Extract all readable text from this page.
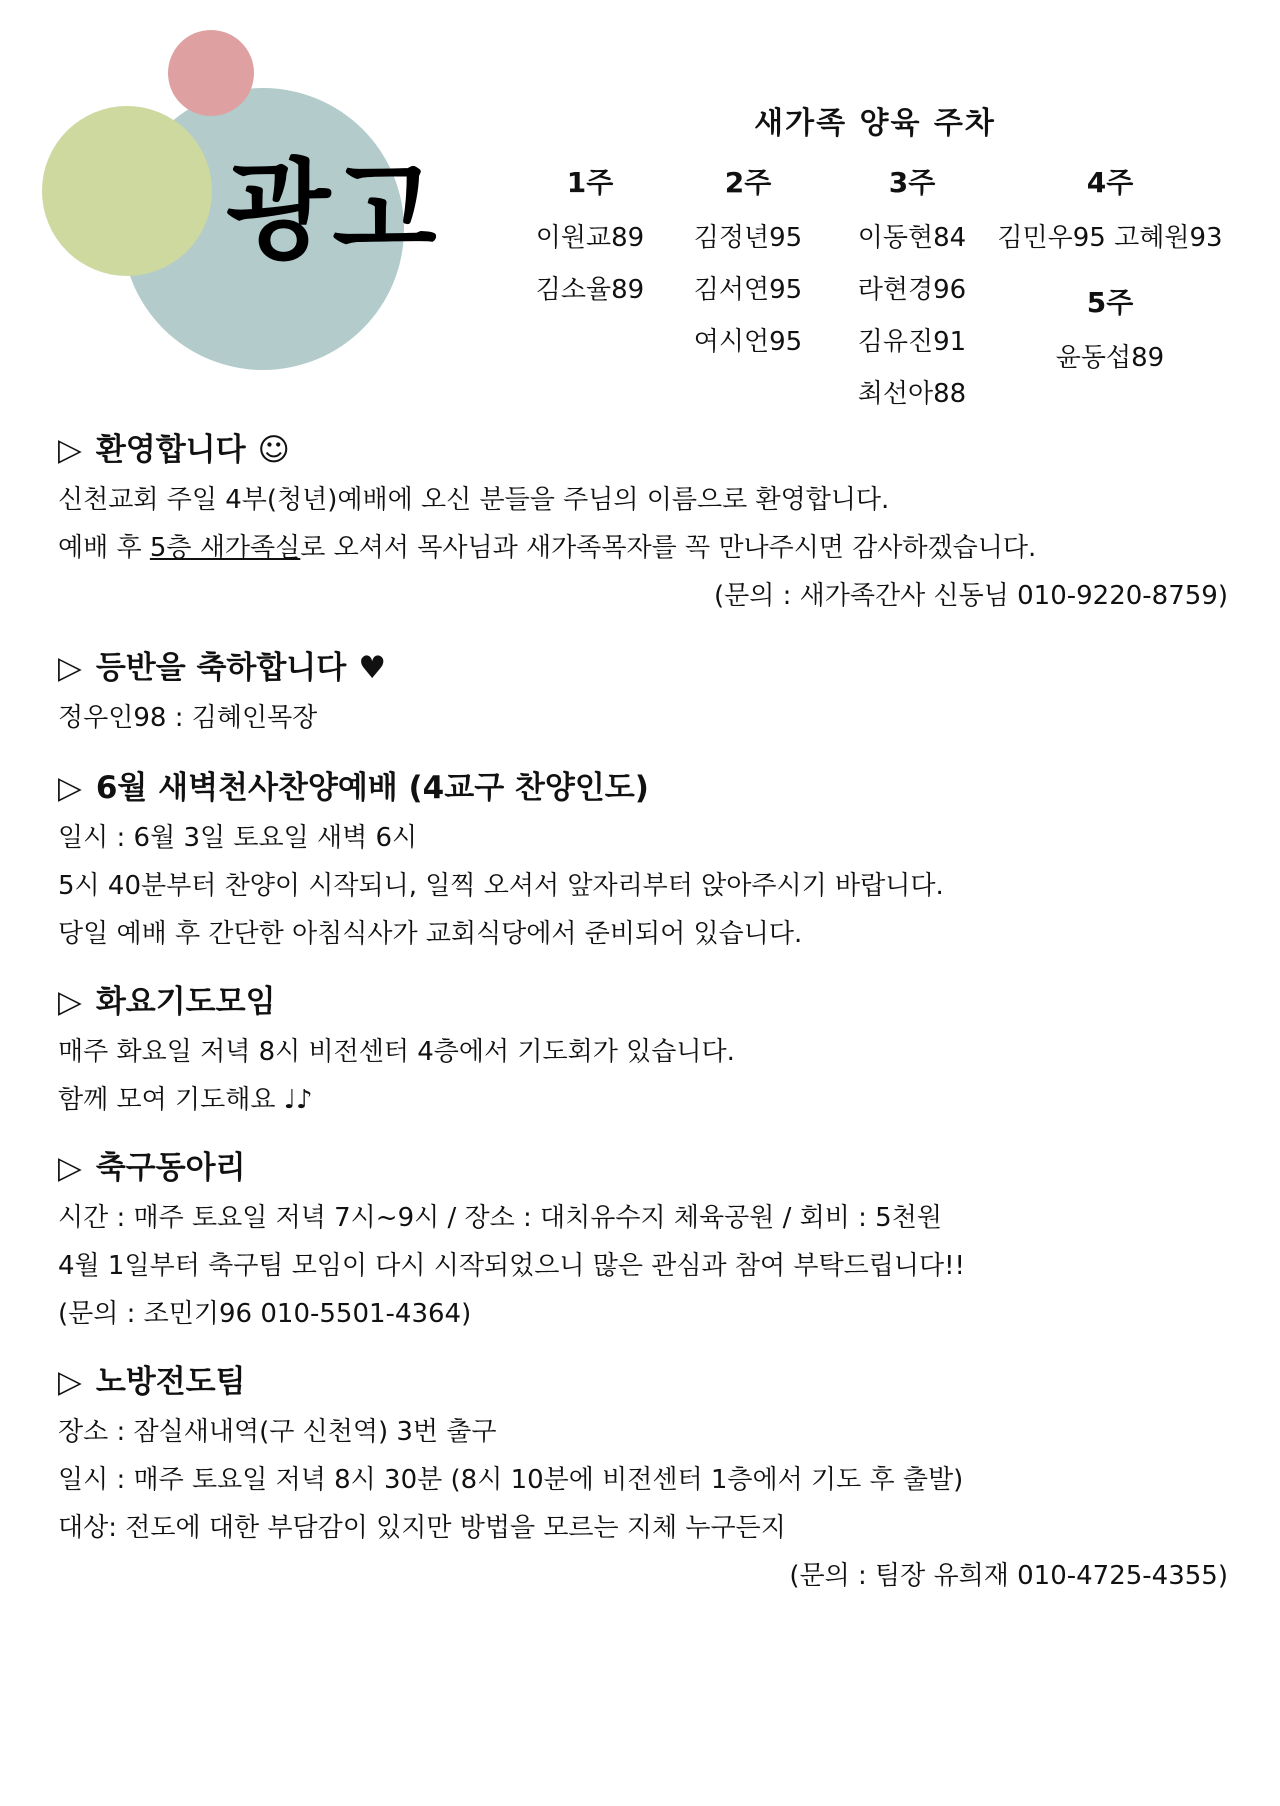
광고
새가족 양육 주차
1주
이원교89
김소율89
2주
김정년95
김서연95
여시언95
3주
이동현84
라현경96
김유진91
최선아88
4주
김민우95 고혜원93
5주
윤동섭89
▷ 환영합니다 ☺
신천교회 주일 4부(청년)예배에 오신 분들을 주님의 이름으로 환영합니다.
예배 후 5층 새가족실로 오셔서 목사님과 새가족목자를 꼭 만나주시면 감사하겠습니다.
(문의 : 새가족간사 신동님 010-9220-8759)
▷ 등반을 축하합니다 ♥
정우인98 : 김혜인목장
▷ 6월 새벽천사찬양예배 (4교구 찬양인도)
일시 : 6월 3일 토요일 새벽 6시
5시 40분부터 찬양이 시작되니, 일찍 오셔서 앞자리부터 앉아주시기 바랍니다.
당일 예배 후 간단한 아침식사가 교회식당에서 준비되어 있습니다.
▷ 화요기도모임
매주 화요일 저녁 8시 비전센터 4층에서 기도회가 있습니다.
함께 모여 기도해요 ♩♪
▷ 축구동아리
시간 : 매주 토요일 저녁 7시~9시 / 장소 : 대치유수지 체육공원 / 회비 : 5천원
4월 1일부터 축구팀 모임이 다시 시작되었으니 많은 관심과 참여 부탁드립니다!!
(문의 : 조민기96 010-5501-4364)
▷ 노방전도팀
장소 : 잠실새내역(구 신천역) 3번 출구
일시 : 매주 토요일 저녁 8시 30분 (8시 10분에 비전센터 1층에서 기도 후 출발)
대상: 전도에 대한 부담감이 있지만 방법을 모르는 지체 누구든지
(문의 : 팀장 유희재 010-4725-4355)
